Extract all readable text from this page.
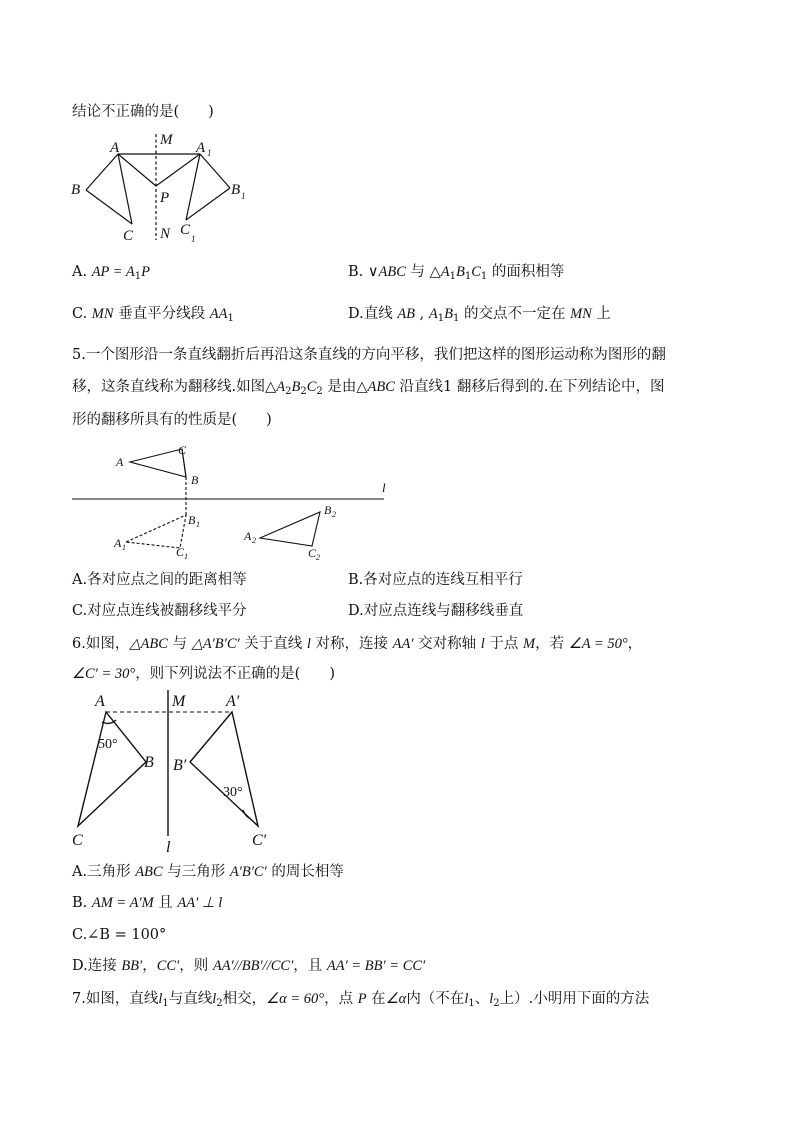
结论不正确的是(　　)
A	M A 1
B	P	B 1
C N C
1
A. AP = $A_1P$	B. ∨ABC 与 $\triangle A_1B_1C_1$ 的面积相等
C. MN 垂直平分线段 $AA_1$	D.直线 AB , $A_1B_1$ 的交点不一定在 MN 上
5.一个图形沿一条直线翻折后再沿这条直线的方向平移，我们把这样的图形运动称为图形的翻
移，这条直线称为翻移线.如图$\triangle A_2B_2C_2$ 是由△ABC 沿直线1 翻移后得到的.在下列结论中，图
形的翻移所具有的性质是(　　)
A
C
B	l
B 1
B 2
A 1	C 1
A 2
C 2
A.各对应点之间的距离相等	B.各对应点的连线互相平行
C.对应点连线被翻移线平分	D.对应点连线与翻移线垂直
6.如图，△ABC 与 △A′B′C′ 关于直线 l 对称，连接 AA′ 交对称轴 l 于点 M，若 ∠A = 50°，
∠C′ = 30°，则下列说法不正确的是(　　)
A	M	A′
50°
B B′
30°
C	l	C′
A.三角形 ABC 与三角形 A′B′C′ 的周长相等
B. AM = A′M 且 AA′ ⊥ l
C.∠B = 100°
D.连接 BB′，CC′，则 AA′//BB′//CC′，且 AA′ = BB′ = CC′
7.如图，直线$l_1$与直线$l_2$相交，∠α = 60°，点 P 在∠α内（不在$l_1$、$l_2$上）.小明用下面的方法
